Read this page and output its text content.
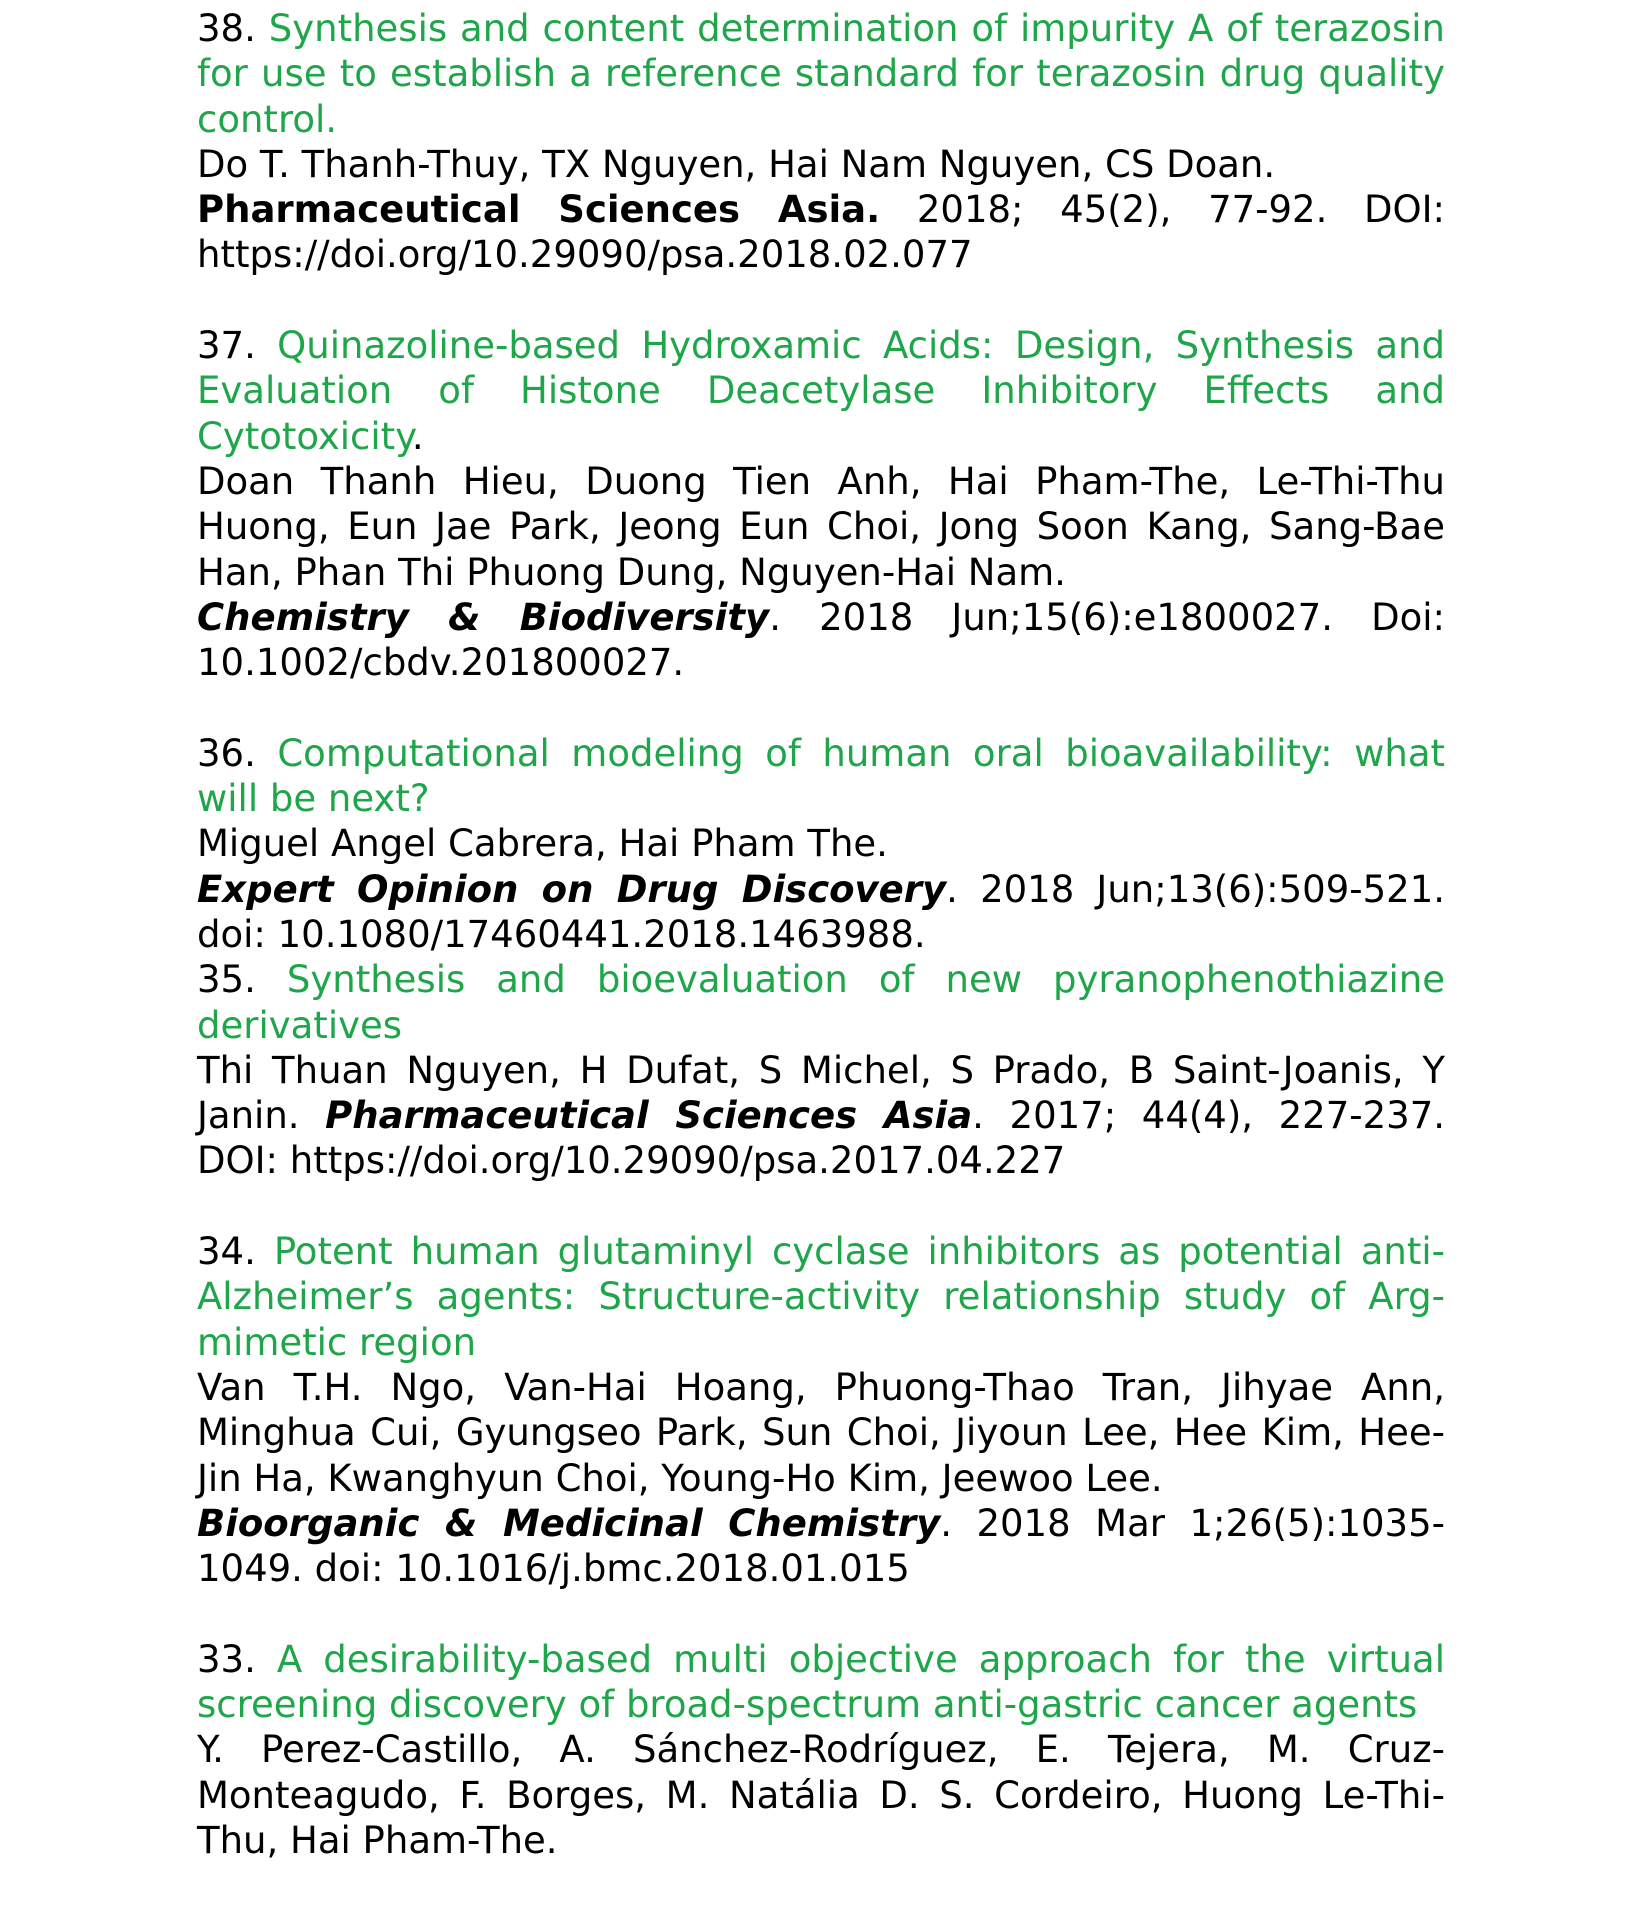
38. Synthesis and content determination of impurity A of terazosin for use to establish a reference standard for terazosin drug quality control.

Do T. Thanh-Thuy, TX Nguyen, Hai Nam Nguyen, CS Doan.

Pharmaceutical Sciences Asia. 2018; 45(2), 77-92. DOI: https://doi.org/10.29090/psa.2018.02.077

37. Quinazoline-based Hydroxamic Acids: Design, Synthesis and Evaluation of Histone Deacetylase Inhibitory Effects and Cytotoxicity.

Doan Thanh Hieu, Duong Tien Anh, Hai Pham-The, Le-Thi-Thu Huong, Eun Jae Park, Jeong Eun Choi, Jong Soon Kang, Sang-Bae Han, Phan Thi Phuong Dung, Nguyen-Hai Nam.

Chemistry & Biodiversity. 2018 Jun;15(6):e1800027. Doi: 10.1002/cbdv.201800027.

36. Computational modeling of human oral bioavailability: what will be next?

Miguel Angel Cabrera, Hai Pham The.

Expert Opinion on Drug Discovery. 2018 Jun;13(6):509-521. doi: 10.1080/17460441.2018.1463988.

35. Synthesis and bioevaluation of new pyranophenothiazine derivatives

Thi Thuan Nguyen, H Dufat, S Michel, S Prado, B Saint-Joanis, Y Janin. Pharmaceutical Sciences Asia. 2017; 44(4), 227-237. DOI: https://doi.org/10.29090/psa.2017.04.227

34. Potent human glutaminyl cyclase inhibitors as potential anti-Alzheimer’s agents: Structure-activity relationship study of Arg-mimetic region

Van T.H. Ngo, Van-Hai Hoang, Phuong-Thao Tran, Jihyae Ann, Minghua Cui, Gyungseo Park, Sun Choi, Jiyoun Lee, Hee Kim, Hee-Jin Ha, Kwanghyun Choi, Young-Ho Kim, Jeewoo Lee.

Bioorganic & Medicinal Chemistry. 2018 Mar 1;26(5):1035-1049. doi: 10.1016/j.bmc.2018.01.015

33. A desirability-based multi objective approach for the virtual screening discovery of broad-spectrum anti-gastric cancer agents

Y. Perez-Castillo, A. Sánchez-Rodríguez, E. Tejera, M. Cruz-Monteagudo, F. Borges, M. Natália D. S. Cordeiro, Huong Le-Thi-Thu, Hai Pham-The.
